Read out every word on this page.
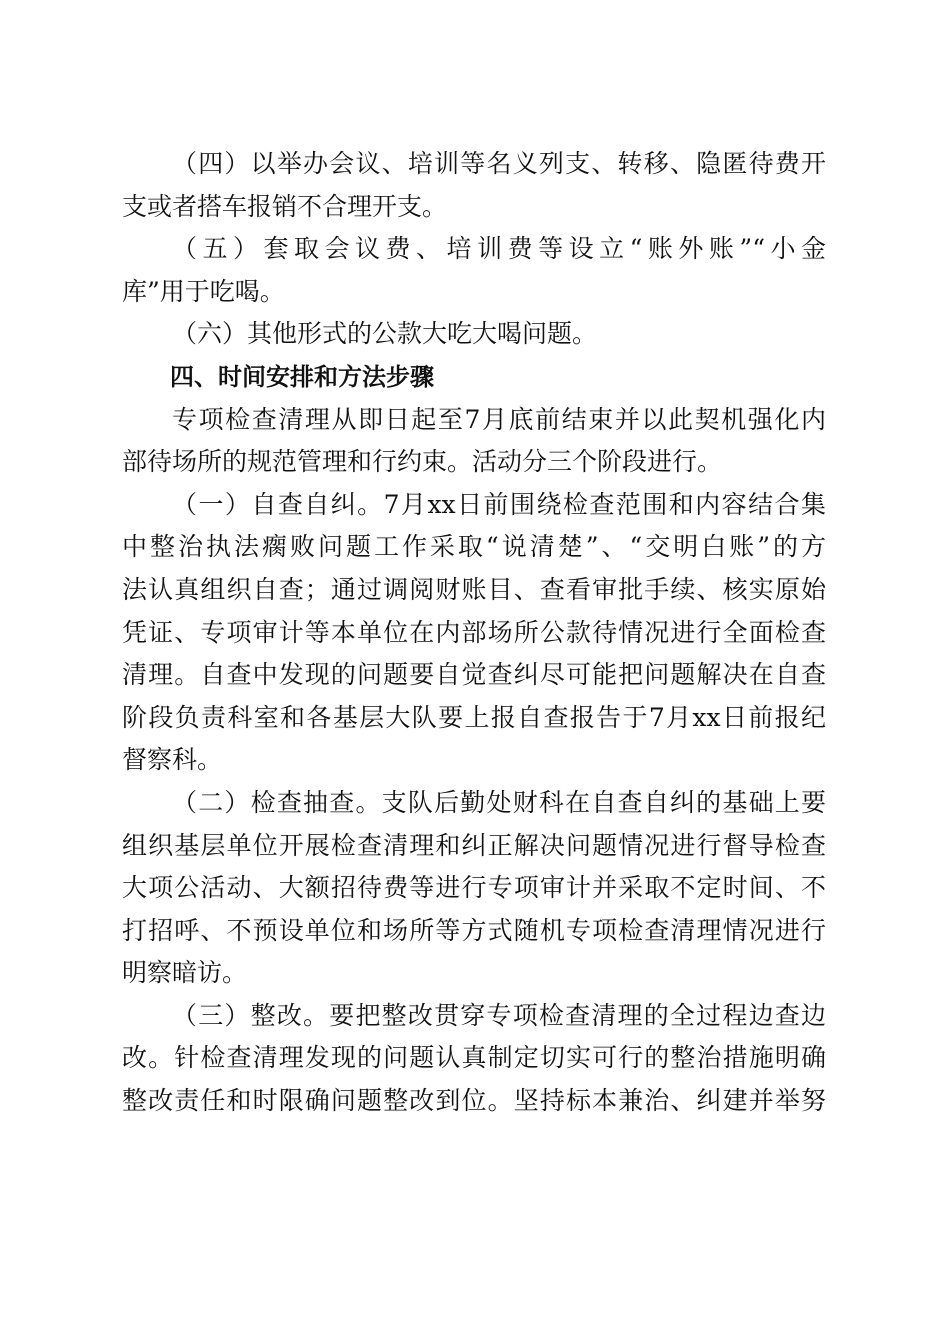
（四）以举办会议、培训等名义列支、转移、隐匿待费开
支或者搭车报销不合理开支。
（五）套取会议费、培训费等设立“账外账”“小金
库”用于吃喝。
（六）其他形式的公款大吃大喝问题。
四、时间安排和方法步骤
专项检查清理从即日起至7月底前结束并以此契机强化内
部待场所的规范管理和行约束。活动分三个阶段进行。
（一）自查自纠。7月xx日前围绕检查范围和内容结合集
中整治执法瘸败问题工作采取“说清楚”、“交明白账”的方
法认真组织自查；通过调阅财账目、查看审批手续、核实原始
凭证、专项审计等本单位在内部场所公款待情况进行全面检查
清理。自查中发现的问题要自觉查纠尽可能把问题解决在自查
阶段负责科室和各基层大队要上报自查报告于7月xx日前报纪
督察科。
（二）检查抽查。支队后勤处财科在自查自纠的基础上要
组织基层单位开展检查清理和纠正解决问题情况进行督导检查
大项公活动、大额招待费等进行专项审计并采取不定时间、不
打招呼、不预设单位和场所等方式随机专项检查清理情况进行
明察暗访。
（三）整改。要把整改贯穿专项检查清理的全过程边查边
改。针检查清理发现的问题认真制定切实可行的整治措施明确
整改责任和时限确问题整改到位。坚持标本兼治、纠建并举努
